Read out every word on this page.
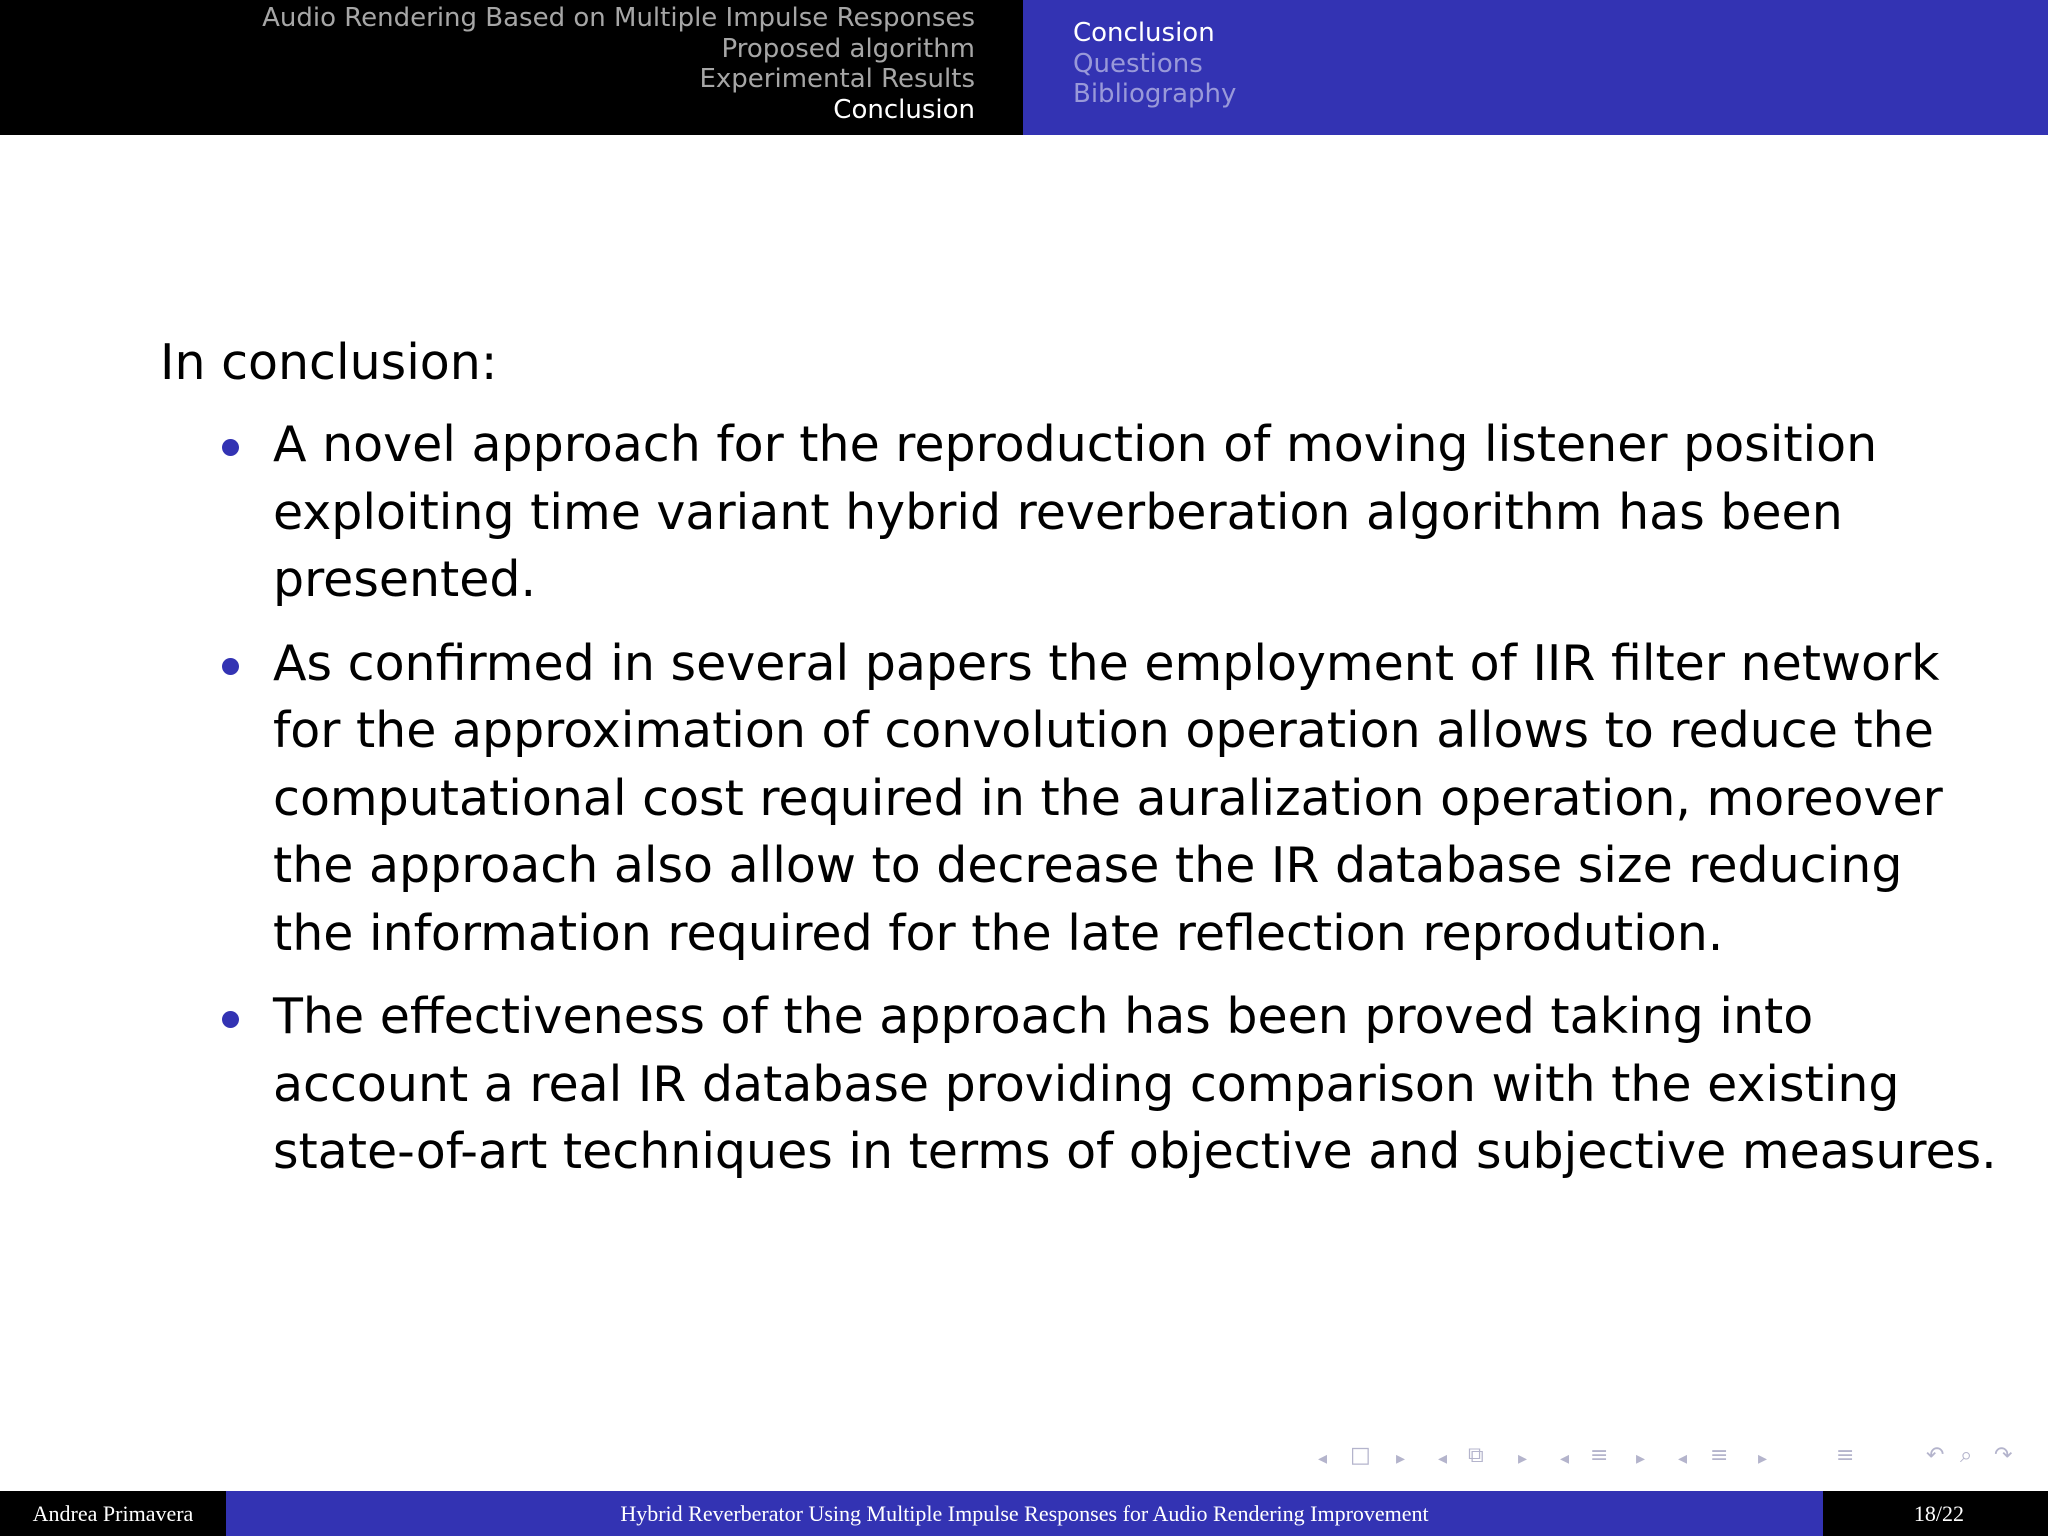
Audio Rendering Based on Multiple Impulse Responses
Proposed algorithm
Experimental Results
Conclusion
Conclusion
Questions
Bibliography
In conclusion:
A novel approach for the reproduction of moving listener position
exploiting time variant hybrid reverberation algorithm has been
presented.
As confirmed in several papers the employment of IIR filter network
for the approximation of convolution operation allows to reduce the
computational cost required in the auralization operation, moreover
the approach also allow to decrease the IR database size reducing
the information required for the late reflection reprodution.
The effectiveness of the approach has been proved taking into
account a real IR database providing comparison with the existing
state-of-art techniques in terms of objective and subjective measures.
◂ □ ▸ ◂ ⧉ ▸ ◂ ≡ ▸ ◂ ≡ ▸	≡	↶ ⌕ ↷
Andrea Primavera	Hybrid Reverberator Using Multiple Impulse Responses for Audio Rendering Improvement	18/22
